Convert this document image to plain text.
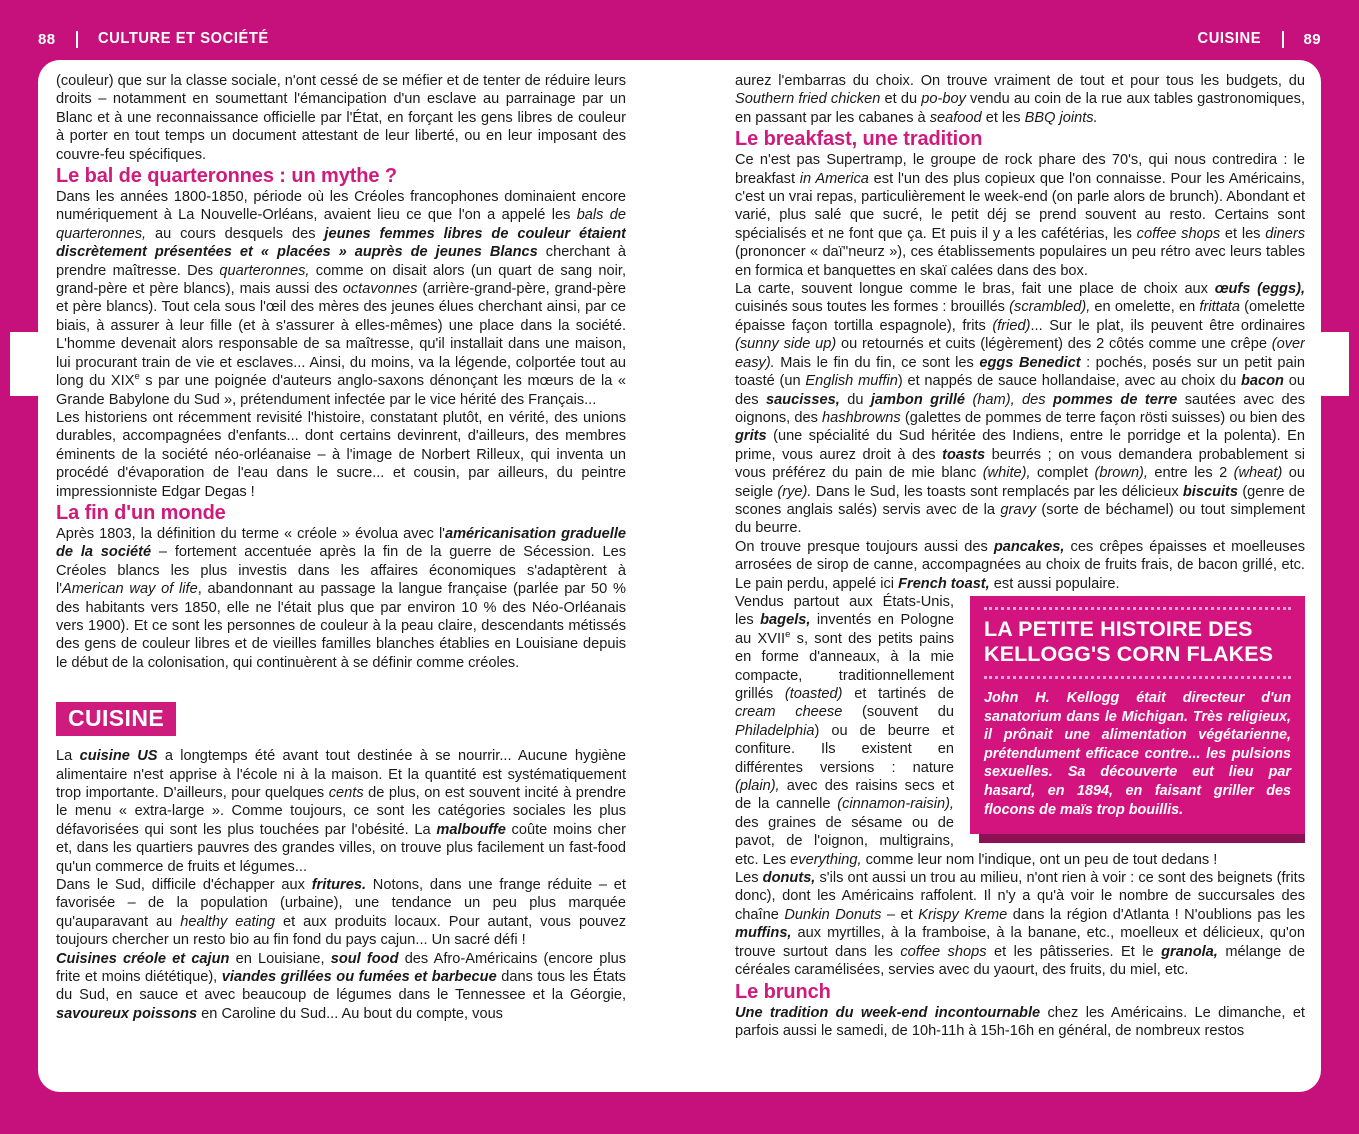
88	CULTURE ET SOCIÉTÉ	CUISINE	89
(couleur) que sur la classe sociale, n'ont cessé de se méfier et de tenter de réduire leurs droits – notamment en soumettant l'émancipation d'un esclave au parrainage par un Blanc et à une reconnaissance officielle par l'État, en forçant les gens libres de couleur à porter en tout temps un document attestant de leur liberté, ou en leur imposant des couvre-feu spécifiques.
Le bal de quarteronnes : un mythe ?
Dans les années 1800-1850, période où les Créoles francophones dominaient encore numériquement à La Nouvelle-Orléans, avaient lieu ce que l'on a appelé les bals de quarteronnes, au cours desquels des jeunes femmes libres de couleur étaient discrètement présentées et « placées » auprès de jeunes Blancs cherchant à prendre maîtresse. Des quarteronnes, comme on disait alors (un quart de sang noir, grand-père et père blancs), mais aussi des octavonnes (arrière-grand-père, grand-père et père blancs). Tout cela sous l'œil des mères des jeunes élues cherchant ainsi, par ce biais, à assurer à leur fille (et à s'assurer à elles-mêmes) une place dans la société. L'homme devenait alors responsable de sa maîtresse, qu'il installait dans une maison, lui procurant train de vie et esclaves... Ainsi, du moins, va la légende, colportée tout au long du XIXe s par une poignée d'auteurs anglo-saxons dénonçant les mœurs de la « Grande Babylone du Sud », prétendument infectée par le vice hérité des Français...
Les historiens ont récemment revisité l'histoire, constatant plutôt, en vérité, des unions durables, accompagnées d'enfants... dont certains devinrent, d'ailleurs, des membres éminents de la société néo-orléanaise – à l'image de Norbert Rilleux, qui inventa un procédé d'évaporation de l'eau dans le sucre... et cousin, par ailleurs, du peintre impressionniste Edgar Degas !
La fin d'un monde
Après 1803, la définition du terme « créole » évolua avec l'américanisation graduelle de la société – fortement accentuée après la fin de la guerre de Sécession. Les Créoles blancs les plus investis dans les affaires économiques s'adaptèrent à l'American way of life, abandonnant au passage la langue française (parlée par 50 % des habitants vers 1850, elle ne l'était plus que par environ 10 % des Néo-Orléanais vers 1900). Et ce sont les personnes de couleur à la peau claire, descendants métissés des gens de couleur libres et de vieilles familles blanches établies en Louisiane depuis le début de la colonisation, qui continuèrent à se définir comme créoles.
CUISINE
La cuisine US a longtemps été avant tout destinée à se nourrir... Aucune hygiène alimentaire n'est apprise à l'école ni à la maison. Et la quantité est systématiquement trop importante. D'ailleurs, pour quelques cents de plus, on est souvent incité à prendre le menu « extra-large ». Comme toujours, ce sont les catégories sociales les plus défavorisées qui sont les plus touchées par l'obésité. La malbouffe coûte moins cher et, dans les quartiers pauvres des grandes villes, on trouve plus facilement un fast-food qu'un commerce de fruits et légumes...
Dans le Sud, difficile d'échapper aux fritures. Notons, dans une frange réduite – et favorisée – de la population (urbaine), une tendance un peu plus marquée qu'auparavant au healthy eating et aux produits locaux. Pour autant, vous pouvez toujours chercher un resto bio au fin fond du pays cajun... Un sacré défi !
Cuisines créole et cajun en Louisiane, soul food des Afro-Américains (encore plus frite et moins diététique), viandes grillées ou fumées et barbecue dans tous les États du Sud, en sauce et avec beaucoup de légumes dans le Tennessee et la Géorgie, savoureux poissons en Caroline du Sud... Au bout du compte, vous
aurez l'embarras du choix. On trouve vraiment de tout et pour tous les budgets, du Southern fried chicken et du po-boy vendu au coin de la rue aux tables gastronomiques, en passant par les cabanes à seafood et les BBQ joints.
Le breakfast, une tradition
Ce n'est pas Supertramp, le groupe de rock phare des 70's, qui nous contredira : le breakfast in America est l'un des plus copieux que l'on connaisse. Pour les Américains, c'est un vrai repas, particulièrement le week-end (on parle alors de brunch). Abondant et varié, plus salé que sucré, le petit déj se prend souvent au resto. Certains sont spécialisés et ne font que ça. Et puis il y a les cafétérias, les coffee shops et les diners (prononcer « daï''neurz »), ces établissements populaires un peu rétro avec leurs tables en formica et banquettes en skaï calées dans des box.
La carte, souvent longue comme le bras, fait une place de choix aux œufs (eggs), cuisinés sous toutes les formes : brouillés (scrambled), en omelette, en frittata (omelette épaisse façon tortilla espagnole), frits (fried)... Sur le plat, ils peuvent être ordinaires (sunny side up) ou retournés et cuits (légèrement) des 2 côtés comme une crêpe (over easy). Mais le fin du fin, ce sont les eggs Benedict : pochés, posés sur un petit pain toasté (un English muffin) et nappés de sauce hollandaise, avec au choix du bacon ou des saucisses, du jambon grillé (ham), des pommes de terre sautées avec des oignons, des hashbrowns (galettes de pommes de terre façon rösti suisses) ou bien des grits (une spécialité du Sud héritée des Indiens, entre le porridge et la polenta). En prime, vous aurez droit à des toasts beurrés ; on vous demandera probablement si vous préférez du pain de mie blanc (white), complet (brown), entre les 2 (wheat) ou seigle (rye). Dans le Sud, les toasts sont remplacés par les délicieux biscuits (genre de scones anglais salés) servis avec de la gravy (sorte de béchamel) ou tout simplement du beurre.
On trouve presque toujours aussi des pancakes, ces crêpes épaisses et moelleuses arrosées de sirop de canne, accompagnées au choix de fruits frais, de bacon grillé, etc. Le pain perdu, appelé ici French toast, est aussi populaire.
LA PETITE HISTOIRE DES KELLOGG'S CORN FLAKES
John H. Kellogg était directeur d'un sanatorium dans le Michigan. Très religieux, il prônait une alimentation végétarienne, prétendument efficace contre... les pulsions sexuelles. Sa découverte eut lieu par hasard, en 1894, en faisant griller des flocons de maïs trop bouillis.
Vendus partout aux États-Unis, les bagels, inventés en Pologne au XVIIe s, sont des petits pains en forme d'anneaux, à la mie compacte, traditionnellement grillés (toasted) et tartinés de cream cheese (souvent du Philadelphia) ou de beurre et confiture. Ils existent en différentes versions : nature (plain), avec des raisins secs et de la cannelle (cinnamon-raisin), des graines de sésame ou de pavot, de l'oignon, multigrains, etc. Les everything, comme leur nom l'indique, ont un peu de tout dedans !
Les donuts, s'ils ont aussi un trou au milieu, n'ont rien à voir : ce sont des beignets (frits donc), dont les Américains raffolent. Il n'y a qu'à voir le nombre de succursales des chaîne Dunkin Donuts – et Krispy Kreme dans la région d'Atlanta ! N'oublions pas les muffins, aux myrtilles, à la framboise, à la banane, etc., moelleux et délicieux, qu'on trouve surtout dans les coffee shops et les pâtisseries. Et le granola, mélange de céréales caramélisées, servies avec du yaourt, des fruits, du miel, etc.
Le brunch
Une tradition du week-end incontournable chez les Américains. Le dimanche, et parfois aussi le samedi, de 10h-11h à 15h-16h en général, de nombreux restos
